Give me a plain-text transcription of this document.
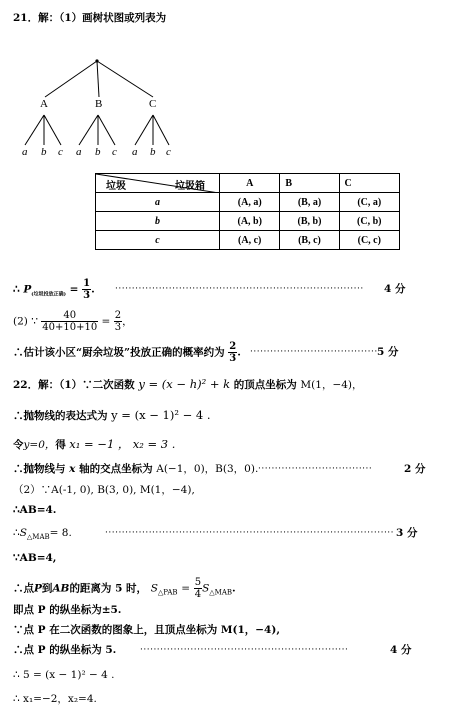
21．解：（1）画树状图或列表为
A	B	C
a b c a b c a b c
垃圾 垃圾箱	A	B	C
a	(A, a)	(B, a)	(C, a)
b	(A, b)	(B, b)	(C, b)
c	(A, c)	(B, c)	(C, c)
∴ $P_{(垃圾投放正确)} = \frac{1}{3}$ . ·········································································· 4 分
(2) ∵ $\frac{40}{40+10+10} = \frac{2}{3}$ ，
∴估计该小区“厨余垃圾”投放正确的概率约为 $\frac{2}{3}$ . ······································ 5 分
22．解：（1）∵二次函数 y = (x − h)² + k 的顶点坐标为 M(1，−4)，
∴抛物线的表达式为 y = (x − 1)² − 4 .
令y=0，得 x₁ = −1 ， x₂ = 3 .
∴抛物线与 x 轴的交点坐标为 A(−1，0)，B(3，0). ··································	2 分
（2）∵A(-1, 0), B(3, 0), M(1，−4),
∴AB=4.
$\therefore S_{\triangle MAB}= 8$.	······················································································ 3 分
∵AB=4,
∴点P到AB的距离为 5 时， $S_{\triangle PAB} = \frac{5}{4} S_{\triangle MAB}$.
即点 P 的纵坐标为±5.
∵点 P 在二次函数的图象上，且顶点坐标为 M(1，−4),
∴点 P 的纵坐标为 5.	······························································	4 分
∴ 5 = (x − 1)² − 4 .
∴ x₁=−2，x₂=4.
